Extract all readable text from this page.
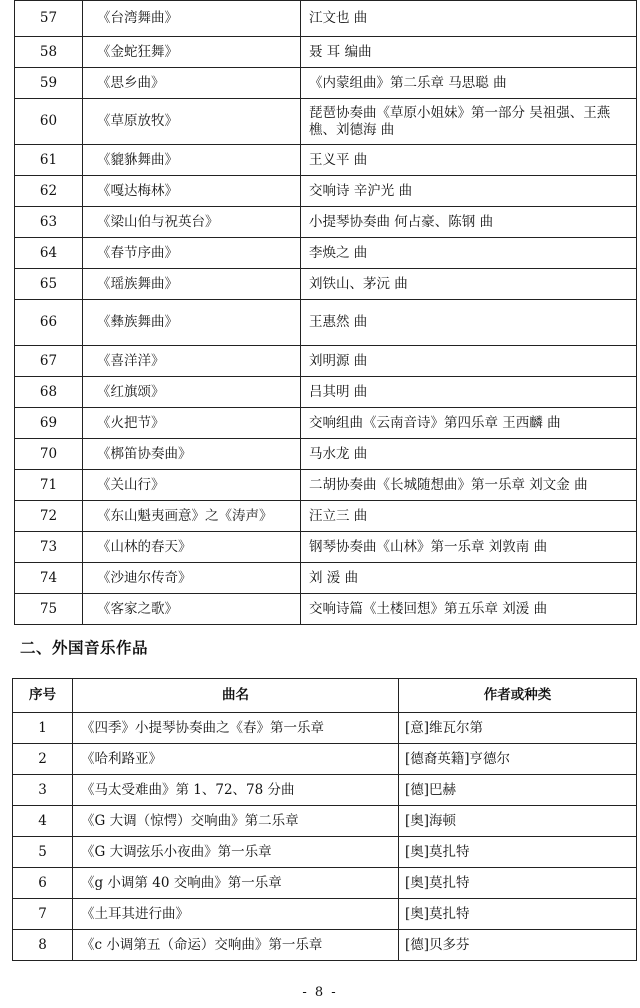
57	《台湾舞曲》	江文也 曲
58	《金蛇狂舞》	聂 耳 编曲
59	《思乡曲》	《内蒙组曲》第二乐章 马思聪 曲
60	《草原放牧》	琵琶协奏曲《草原小姐妹》第一部分 吴祖强、王燕樵、刘德海 曲
61	《貔貅舞曲》	王义平 曲
62	《嘎达梅林》	交响诗 辛沪光 曲
63	《梁山伯与祝英台》	小提琴协奏曲 何占豪、陈钢 曲
64	《春节序曲》	李焕之 曲
65	《瑶族舞曲》	刘铁山、茅沅 曲
66	《彝族舞曲》	王惠然 曲
67	《喜洋洋》	刘明源 曲
68	《红旗颂》	吕其明 曲
69	《火把节》	交响组曲《云南音诗》第四乐章 王西麟 曲
70	《梆笛协奏曲》	马水龙 曲
71	《关山行》	二胡协奏曲《长城随想曲》第一乐章 刘文金 曲
72	《东山魁夷画意》之《涛声》	汪立三 曲
73	《山林的春天》	钢琴协奏曲《山林》第一乐章 刘敦南 曲
74	《沙迪尔传奇》	刘 湲 曲
75	《客家之歌》	交响诗篇《土楼回想》第五乐章 刘湲 曲
二、外国音乐作品
序号	曲名	作者或种类
1	《四季》小提琴协奏曲之《春》第一乐章	[意]维瓦尔第
2	《哈利路亚》	[德裔英籍]亨德尔
3	《马太受难曲》第 1、72、78 分曲	[德]巴赫
4	《G 大调（惊愕）交响曲》第二乐章	[奥]海顿
5	《G 大调弦乐小夜曲》第一乐章	[奥]莫扎特
6	《g 小调第 40 交响曲》第一乐章	[奥]莫扎特
7	《土耳其进行曲》	[奥]莫扎特
8	《c 小调第五（命运）交响曲》第一乐章	[德]贝多芬
- 8 -
